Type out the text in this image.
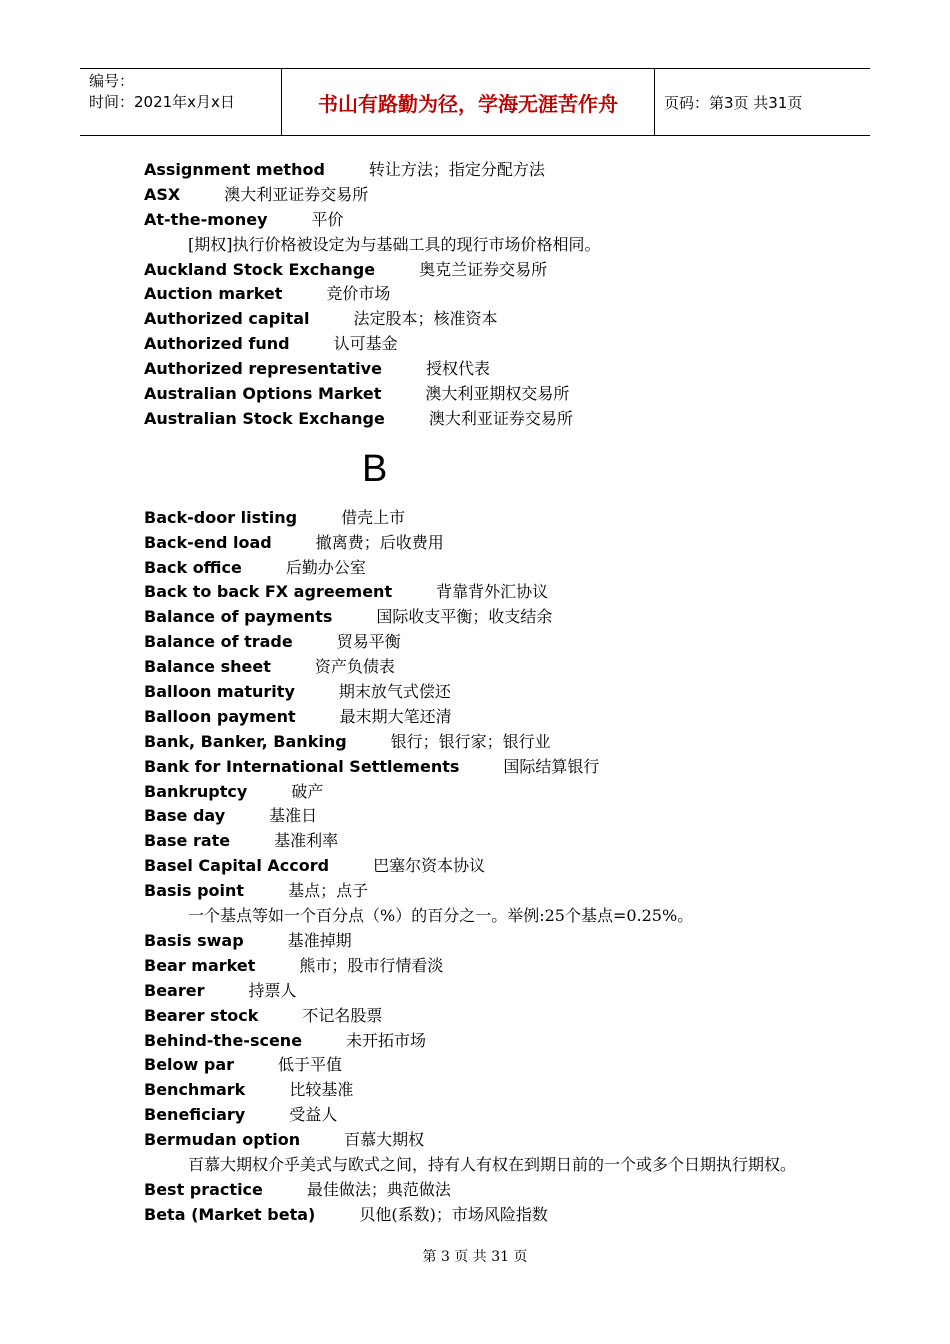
编号：
时间：2021年x月x日	书山有路勤为径，学海无涯苦作舟	页码：第3页 共31页
Assignment method	转让方法；指定分配方法
ASX	澳大利亚证券交易所
At-the-money	平价
[期权]执行价格被设定为与基础工具的现行市场价格相同。
Auckland Stock Exchange	奥克兰证券交易所
Auction market	竞价市场
Authorized capital	法定股本；核准资本
Authorized fund	认可基金
Authorized representative	授权代表
Australian Options Market	澳大利亚期权交易所
Australian Stock Exchange	澳大利亚证券交易所
B
Back-door listing	借壳上市
Back-end load	撤离费；后收费用
Back office	后勤办公室
Back to back FX agreement	背靠背外汇协议
Balance of payments	国际收支平衡；收支结余
Balance of trade	贸易平衡
Balance sheet	资产负债表
Balloon maturity	期末放气式偿还
Balloon payment	最末期大笔还清
Bank, Banker, Banking	银行；银行家；银行业
Bank for International Settlements	国际结算银行
Bankruptcy	破产
Base day	基准日
Base rate	基准利率
Basel Capital Accord	巴塞尔资本协议
Basis point	基点；点子
一个基点等如一个百分点（%）的百分之一。举例:25个基点=0.25%。
Basis swap	基准掉期
Bear market	熊市；股市行情看淡
Bearer	持票人
Bearer stock	不记名股票
Behind-the-scene	未开拓市场
Below par	低于平值
Benchmark	比较基准
Beneficiary	受益人
Bermudan option	百慕大期权
百慕大期权介乎美式与欧式之间，持有人有权在到期日前的一个或多个日期执行期权。
Best practice	最佳做法；典范做法
Beta (Market beta)	贝他(系数)；市场风险指数
第 3 页 共 31 页
